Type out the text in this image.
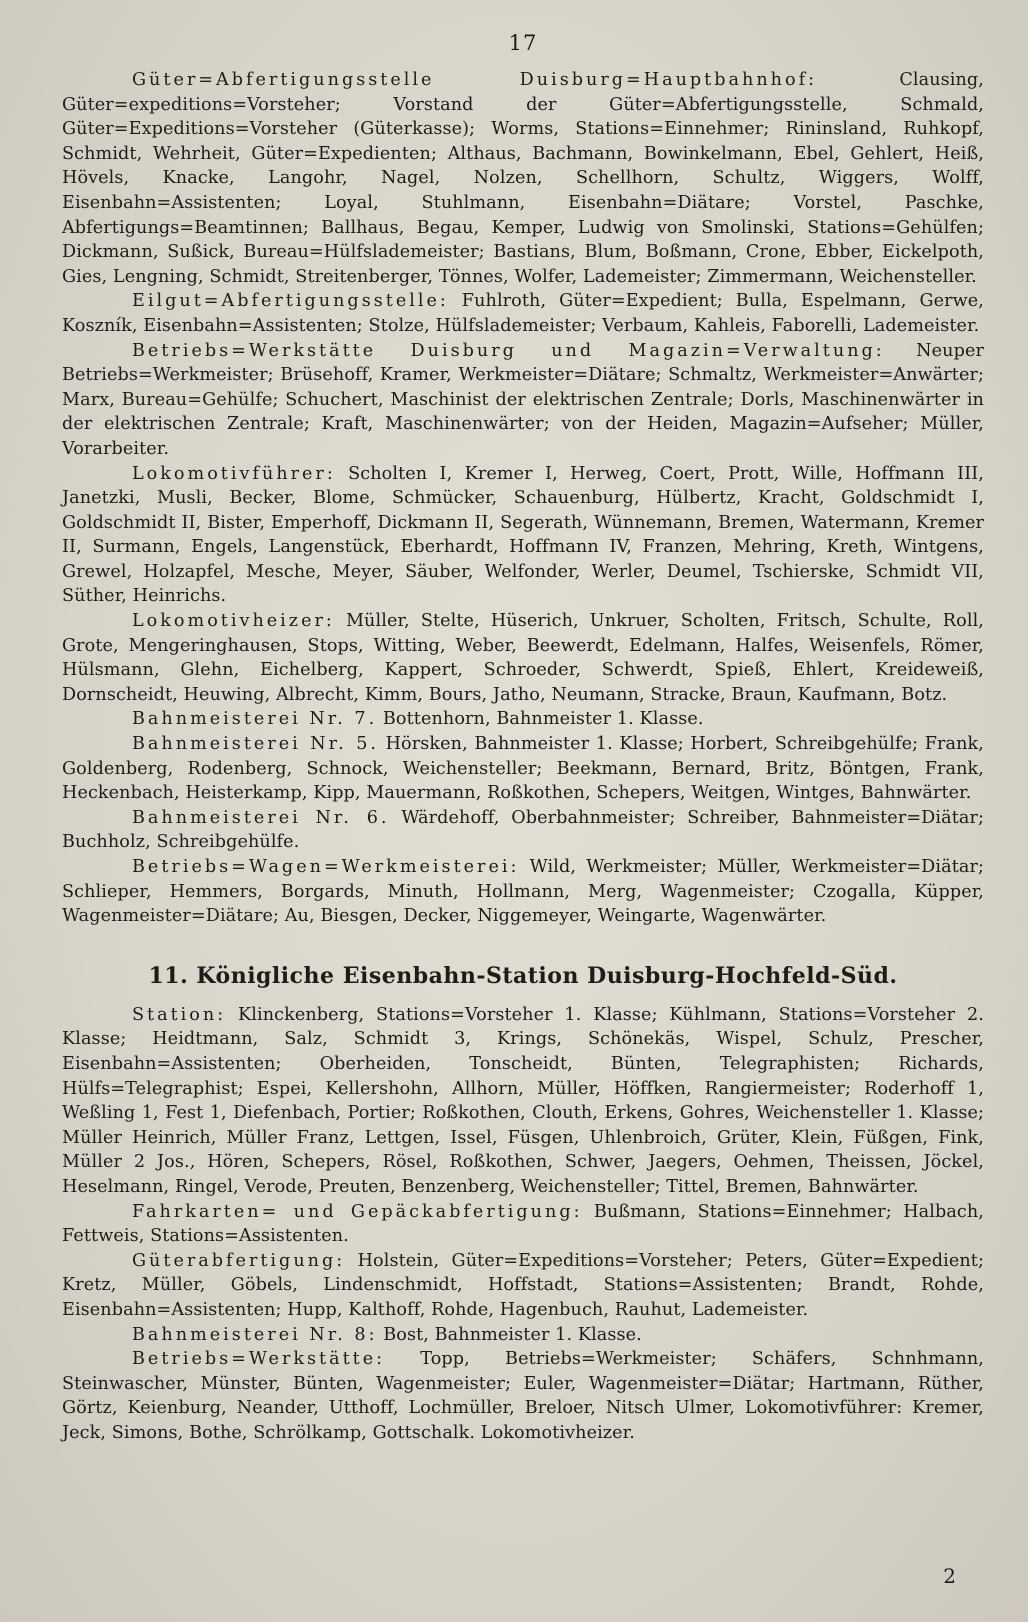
17

Güter=Abfertigungsstelle Duisburg=Hauptbahnhof: Clausing, Güter=expeditions=Vorsteher; Vorstand der Güter=Abfertigungsstelle, Schmald, Güter=Expeditions=Vorsteher (Güterkasse); Worms, Stations=Einnehmer; Rininsland, Ruhkopf, Schmidt, Wehrheit, Güter=Expedienten; Althaus, Bachmann, Bowinkelmann, Ebel, Gehlert, Heiß, Hövels, Knacke, Langohr, Nagel, Nolzen, Schellhorn, Schultz, Wiggers, Wolff, Eisenbahn=Assistenten; Loyal, Stuhlmann, Eisenbahn=Diätare; Vorstel, Paschke, Abfertigungs=Beamtinnen; Ballhaus, Begau, Kemper, Ludwig von Smolinski, Stations=Gehülfen; Dickmann, Sußick, Bureau=Hülfslademeister; Bastians, Blum, Boßmann, Crone, Ebber, Eickelpoth, Gies, Lengning, Schmidt, Streitenberger, Tönnes, Wolfer, Lademeister; Zimmermann, Weichensteller.

Eilgut=Abfertigungsstelle: Fuhlroth, Güter=Expedient; Bulla, Espelmann, Gerwe, Koszník, Eisenbahn=Assistenten; Stolze, Hülfslademeister; Verbaum, Kahleis, Faborelli, Lademeister.

Betriebs=Werkstätte Duisburg und Magazin=Verwaltung: Neuper Betriebs=Werkmeister; Brüsehoff, Kramer, Werkmeister=Diätare; Schmaltz, Werkmeister=Anwärter; Marx, Bureau=Gehülfe; Schuchert, Maschinist der elektrischen Zentrale; Dorls, Maschinenwärter in der elektrischen Zentrale; Kraft, Maschinenwärter; von der Heiden, Magazin=Aufseher; Müller, Vorarbeiter.

Lokomotivführer: Scholten I, Kremer I, Herweg, Coert, Prott, Wille, Hoffmann III, Janetzki, Musli, Becker, Blome, Schmücker, Schauenburg, Hülbertz, Kracht, Goldschmidt I, Goldschmidt II, Bister, Emperhoff, Dickmann II, Segerath, Wünnemann, Bremen, Watermann, Kremer II, Surmann, Engels, Langenstück, Eberhardt, Hoffmann IV, Franzen, Mehring, Kreth, Wintgens, Grewel, Holzapfel, Mesche, Meyer, Säuber, Welfonder, Werler, Deumel, Tschierske, Schmidt VII, Süther, Heinrichs.

Lokomotivheizer: Müller, Stelte, Hüserich, Unkruer, Scholten, Fritsch, Schulte, Roll, Grote, Mengeringhausen, Stops, Witting, Weber, Beewerdt, Edelmann, Halfes, Weisenfels, Römer, Hülsmann, Glehn, Eichelberg, Kappert, Schroeder, Schwerdt, Spieß, Ehlert, Kreideweiß, Dornscheidt, Heuwing, Albrecht, Kimm, Bours, Jatho, Neumann, Stracke, Braun, Kaufmann, Botz.

Bahnmeisterei Nr. 7. Bottenhorn, Bahnmeister 1. Klasse.

Bahnmeisterei Nr. 5. Hörsken, Bahnmeister 1. Klasse; Horbert, Schreibgehülfe; Frank, Goldenberg, Rodenberg, Schnock, Weichensteller; Beekmann, Bernard, Britz, Böntgen, Frank, Heckenbach, Heisterkamp, Kipp, Mauermann, Roßkothen, Schepers, Weitgen, Wintges, Bahnwärter.

Bahnmeisterei Nr. 6. Wärdehoff, Oberbahnmeister; Schreiber, Bahnmeister=Diätar; Buchholz, Schreibgehülfe.

Betriebs=Wagen=Werkmeisterei: Wild, Werkmeister; Müller, Werkmeister=Diätar; Schlieper, Hemmers, Borgards, Minuth, Hollmann, Merg, Wagenmeister; Czogalla, Küpper, Wagenmeister=Diätare; Au, Biesgen, Decker, Niggemeyer, Weingarte, Wagenwärter.

11. Königliche Eisenbahn-Station Duisburg-Hochfeld-Süd.

Station: Klinckenberg, Stations=Vorsteher 1. Klasse; Kühlmann, Stations=Vorsteher 2. Klasse; Heidtmann, Salz, Schmidt 3, Krings, Schönekäs, Wispel, Schulz, Prescher, Eisenbahn=Assistenten; Oberheiden, Tonscheidt, Bünten, Telegraphisten; Richards, Hülfs=Telegraphist; Espei, Kellershohn, Allhorn, Müller, Höffken, Rangiermeister; Roderhoff 1, Weßling 1, Fest 1, Diefenbach, Portier; Roßkothen, Clouth, Erkens, Gohres, Weichensteller 1. Klasse; Müller Heinrich, Müller Franz, Lettgen, Issel, Füsgen, Uhlenbroich, Grüter, Klein, Füßgen, Fink, Müller 2 Jos., Hören, Schepers, Rösel, Roßkothen, Schwer, Jaegers, Oehmen, Theissen, Jöckel, Heselmann, Ringel, Verode, Preuten, Benzenberg, Weichensteller; Tittel, Bremen, Bahnwärter.

Fahrkarten= und Gepäckabfertigung: Bußmann, Stations=Einnehmer; Halbach, Fettweis, Stations=Assistenten.

Güterabfertigung: Holstein, Güter=Expeditions=Vorsteher; Peters, Güter=Expedient; Kretz, Müller, Göbels, Lindenschmidt, Hoffstadt, Stations=Assistenten; Brandt, Rohde, Eisenbahn=Assistenten; Hupp, Kalthoff, Rohde, Hagenbuch, Rauhut, Lademeister.

Bahnmeisterei Nr. 8: Bost, Bahnmeister 1. Klasse.

Betriebs=Werkstätte: Topp, Betriebs=Werkmeister; Schäfers, Schnhmann, Steinwascher, Münster, Bünten, Wagenmeister; Euler, Wagenmeister=Diätar; Hartmann, Rüther, Görtz, Keienburg, Neander, Utthoff, Lochmüller, Breloer, Nitsch Ulmer, Lokomotivführer: Kremer, Jeck, Simons, Bothe, Schrölkamp, Gottschalk. Lokomotivheizer.

2
